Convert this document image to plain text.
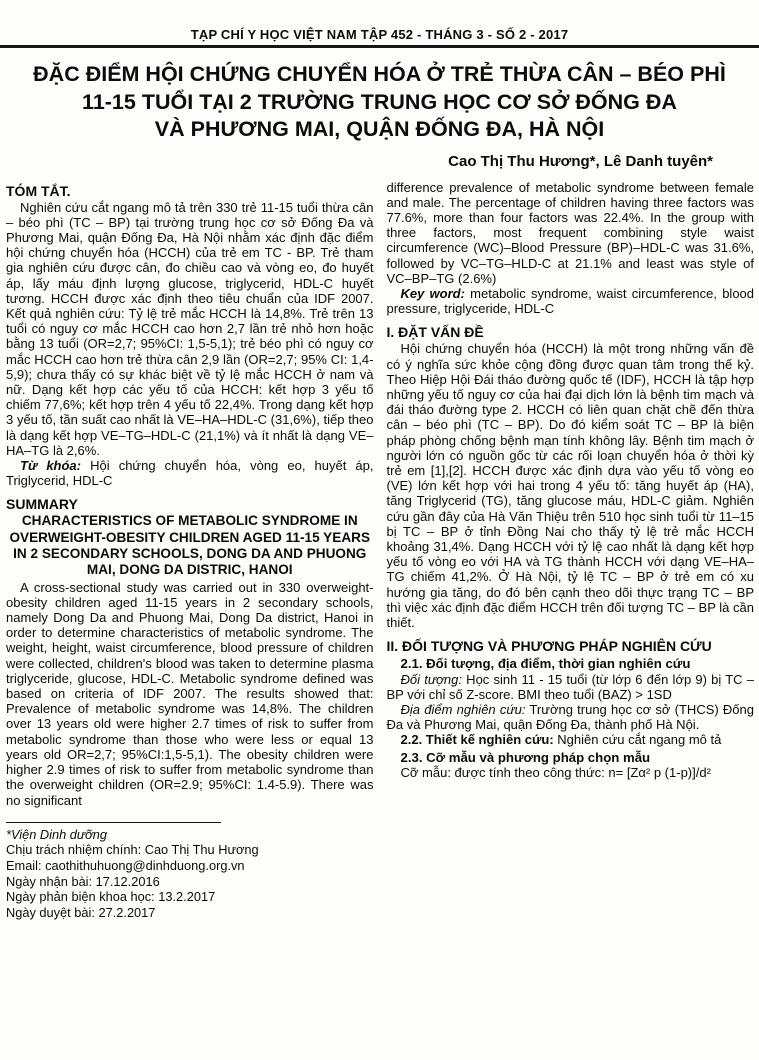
TẠP CHÍ Y HỌC VIỆT NAM TẬP 452 - THÁNG 3 - SỐ 2 - 2017
ĐẶC ĐIỂM HỘI CHỨNG CHUYỂN HÓA Ở TRẺ THỪA CÂN – BÉO PHÌ
11-15 TUỔI TẠI 2 TRƯỜNG TRUNG HỌC CƠ SỞ ĐỐNG ĐA
VÀ PHƯƠNG MAI, QUẬN ĐỐNG ĐA, HÀ NỘI
Cao Thị Thu Hương*, Lê Danh tuyên*
TÓM TẮT.

Nghiên cứu cắt ngang mô tả trên 330 trẻ 11-15 tuổi thừa cân – béo phì (TC – BP) tại trường trung học cơ sở Đống Đa và Phương Mai, quận Đống Đa, Hà Nội nhằm xác định đặc điểm hội chứng chuyển hóa (HCCH) của trẻ em TC - BP. Trẻ tham gia nghiên cứu được cân, đo chiều cao và vòng eo, đo huyết áp, lấy máu định lượng glucose, triglycerid, HDL-C huyết tương. HCCH được xác định theo tiêu chuẩn của IDF 2007. Kết quả nghiên cứu: Tỷ lệ trẻ mắc HCCH là 14,8%. Trẻ trên 13 tuổi có nguy cơ mắc HCCH cao hơn 2,7 lần trẻ nhỏ hơn hoặc bằng 13 tuổi (OR=2,7; 95%CI: 1,5-5,1); trẻ béo phì có nguy cơ mắc HCCH cao hơn trẻ thừa cân 2,9 lần (OR=2,7; 95% CI: 1,4-5,9); chưa thấy có sự khác biệt về tỷ lệ mắc HCCH ở nam và nữ. Dạng kết hợp các yếu tố của HCCH: kết hợp 3 yếu tố chiếm 77,6%; kết hợp trên 4 yếu tố 22,4%. Trong dạng kết hợp 3 yếu tố, tần suất cao nhất là VE–HA–HDL-C (31,6%), tiếp theo là dạng kết hợp VE–TG–HDL-C (21,1%) và ít nhất là dạng VE–HA–TG là 2,6%.

Từ khóa: Hội chứng chuyển hóa, vòng eo, huyết áp, Triglycerid, HDL-C

SUMMARY
CHARACTERISTICS OF METABOLIC SYNDROME IN OVERWEIGHT-OBESITY CHILDREN AGED 11-15 YEARS IN 2 SECONDARY SCHOOLS, DONG DA AND PHUONG MAI, DONG DA DISTRIC, HANOI

A cross-sectional study was carried out in 330 overweight-obesity children aged 11-15 years in 2 secondary schools, namely Dong Da and Phuong Mai, Dong Da district, Hanoi in order to determine characteristics of metabolic syndrome. The weight, height, waist circumference, blood pressure of children were collected, children's blood was taken to determine plasma triglyceride, glucose, HDL-C. Metabolic syndrome defined was based on criteria of IDF 2007. The results showed that: Prevalence of metabolic syndrome was 14,8%. The children over 13 years old were higher 2.7 times of risk to suffer from metabolic syndrome than those who were less or equal 13 years old OR=2,7; 95%CI:1,5-5,1). The obesity children were higher 2.9 times of risk to suffer from metabolic syndrome than the overweight children (OR=2.9; 95%CI: 1.4-5.9). There was no significant

*Viện Dinh dưỡng
Chịu trách nhiệm chính: Cao Thị Thu Hương
Email: caothithuhuong@dinhduong.org.vn
Ngày nhận bài: 17.12.2016
Ngày phản biện khoa học: 13.2.2017
Ngày duyệt bài: 27.2.2017

difference prevalence of metabolic syndrome between female and male. The percentage of children having three factors was 77.6%, more than four factors was 22.4%. In the group with three factors, most frequent combining style waist circumference (WC)–Blood Pressure (BP)–HDL-C was 31.6%, followed by VC–TG–HLD-C at 21.1% and least was style of VC–BP–TG (2.6%)

Key word: metabolic syndrome, waist circumference, blood pressure, triglyceride, HDL-C

I. ĐẶT VẤN ĐỀ

Hội chứng chuyển hóa (HCCH) là một trong những vấn đề có ý nghĩa sức khỏe cộng đồng được quan tâm trong thế kỷ. Theo Hiệp Hội Đái tháo đường quốc tế (IDF), HCCH là tập hợp những yếu tố nguy cơ của hai đại dịch lớn là bệnh tim mạch và đái tháo đường type 2. HCCH có liên quan chặt chẽ đến thừa cân – béo phì (TC – BP). Do đó kiểm soát TC – BP là biện pháp phòng chống bệnh mạn tính không lây. Bệnh tim mạch ở người lớn có nguồn gốc từ các rối loạn chuyển hóa ở thời kỳ trẻ em [1],[2]. HCCH được xác định dựa vào yếu tố vòng eo (VE) lớn kết hợp với hai trong 4 yếu tố: tăng huyết áp (HA), tăng Triglycerid (TG), tăng glucose máu, HDL-C giảm. Nghiên cứu gần đây của Hà Văn Thiệu trên 510 học sinh tuổi từ 11–15 bị TC – BP ở tỉnh Đồng Nai cho thấy tỷ lệ trẻ mắc HCCH khoảng 31,4%. Dạng HCCH với tỷ lệ cao nhất là dạng kết hợp yếu tố vòng eo với HA và TG thành HCCH với dạng VE–HA–TG chiếm 41,2%. Ở Hà Nội, tỷ lệ TC – BP ở trẻ em có xu hướng gia tăng, do đó bên cạnh theo dõi thực trạng TC – BP thì việc xác định đặc điểm HCCH trên đối tượng TC – BP là cần thiết.

II. ĐỐI TƯỢNG VÀ PHƯƠNG PHÁP NGHIÊN CỨU
2.1. Đối tượng, địa điểm, thời gian nghiên cứu

Đối tượng: Học sinh 11 - 15 tuổi (từ lớp 6 đến lớp 9) bị TC – BP với chỉ số Z-score. BMI theo tuổi (BAZ) > 1SD

Địa điểm nghiên cứu: Trường trung học cơ sở (THCS) Đống Đa và Phương Mai, quận Đống Đa, thành phố Hà Nội.

2.2. Thiết kế nghiên cứu: Nghiên cứu cắt ngang mô tả

2.3. Cỡ mẫu và phương pháp chọn mẫu

Cỡ mẫu: được tính theo công thức: n= [Zα² p (1-p)]/d²
